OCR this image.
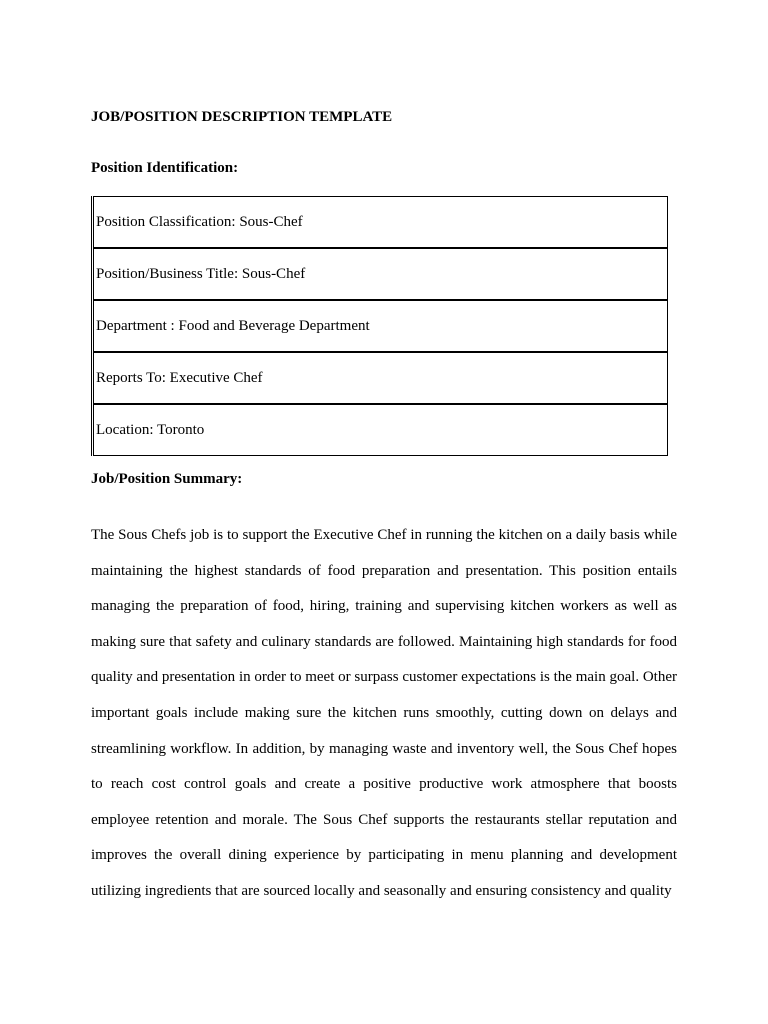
JOB/POSITION DESCRIPTION TEMPLATE

Position Identification:

Position Classification: Sous-Chef
Position/Business Title: Sous-Chef
Department : Food and Beverage Department
Reports To: Executive Chef
Location: Toronto

Job/Position Summary:

The Sous Chefs job is to support the Executive Chef in running the kitchen on a daily basis while maintaining the highest standards of food preparation and presentation. This position entails managing the preparation of food, hiring, training and supervising kitchen workers as well as making sure that safety and culinary standards are followed. Maintaining high standards for food quality and presentation in order to meet or surpass customer expectations is the main goal. Other important goals include making sure the kitchen runs smoothly, cutting down on delays and streamlining workflow. In addition, by managing waste and inventory well, the Sous Chef hopes to reach cost control goals and create a positive productive work atmosphere that boosts employee retention and morale. The Sous Chef supports the restaurants stellar reputation and improves the overall dining experience by participating in menu planning and development utilizing ingredients that are sourced locally and seasonally and ensuring consistency and quality
